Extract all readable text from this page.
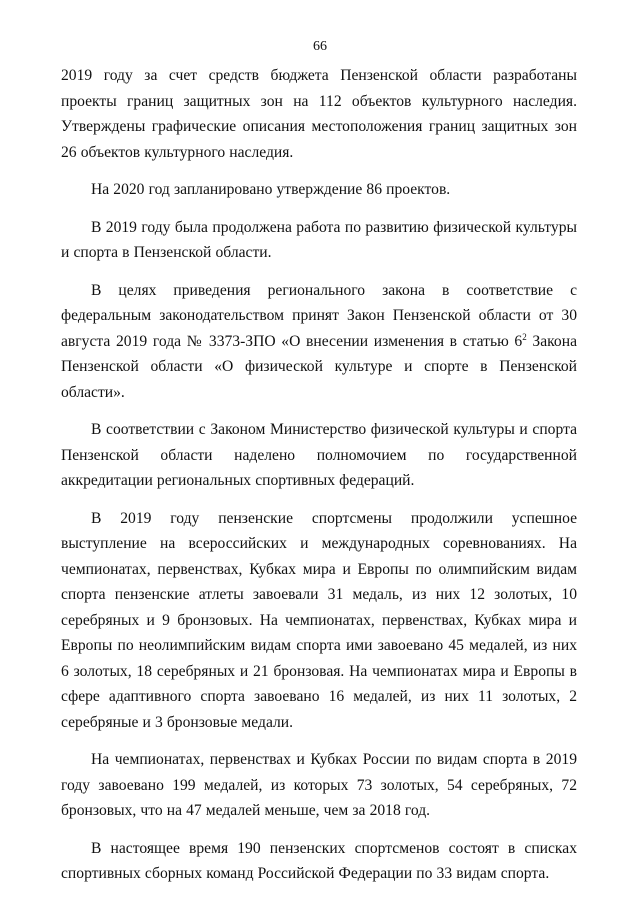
66

2019 году за счет средств бюджета Пензенской области разработаны проекты границ защитных зон на 112 объектов культурного наследия. Утверждены графические описания местоположения границ защитных зон 26 объектов культурного наследия.

На 2020 год запланировано утверждение 86 проектов.

В 2019 году была продолжена работа по развитию физической культуры и спорта в Пензенской области.

В целях приведения регионального закона в соответствие с федеральным законодательством принят Закон Пензенской области от 30 августа 2019 года № 3373-ЗПО «О внесении изменения в статью $6^2$ Закона Пензенской области «О физической культуре и спорте в Пензенской области».

В соответствии с Законом Министерство физической культуры и спорта Пензенской области наделено полномочием по государственной аккредитации региональных спортивных федераций.

В 2019 году пензенские спортсмены продолжили успешное выступление на всероссийских и международных соревнованиях. На чемпионатах, первенствах, Кубках мира и Европы по олимпийским видам спорта пензенские атлеты завоевали 31 медаль, из них 12 золотых, 10 серебряных и 9 бронзовых. На чемпионатах, первенствах, Кубках мира и Европы по неолимпийским видам спорта ими завоевано 45 медалей, из них 6 золотых, 18 серебряных и 21 бронзовая. На чемпионатах мира и Европы в сфере адаптивного спорта завоевано 16 медалей, из них 11 золотых, 2 серебряные и 3 бронзовые медали.

На чемпионатах, первенствах и Кубках России по видам спорта в 2019 году завоевано 199 медалей, из которых 73 золотых, 54 серебряных, 72 бронзовых, что на 47 медалей меньше, чем за 2018 год.

В настоящее время 190 пензенских спортсменов состоят в списках спортивных сборных команд Российской Федерации по 33 видам спорта.
